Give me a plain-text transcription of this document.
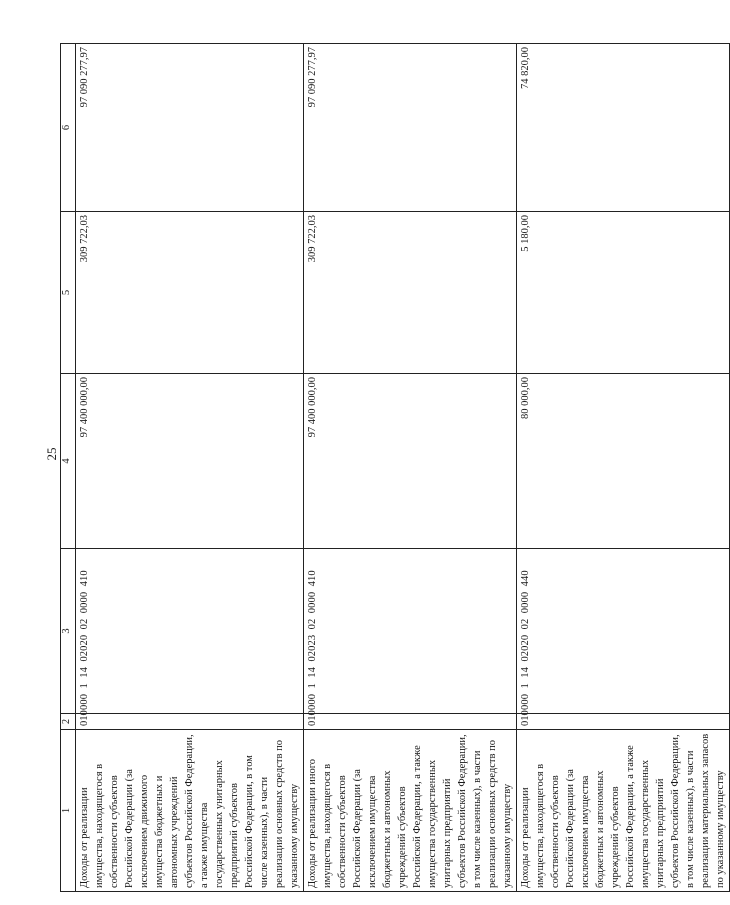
25
1	2	3	4	5	6
Доходы от реализации имущества, находящегося в собственности субъектов Российской Федерации (за исключением движимого имущества бюджетных и автономных учреждений субъектов Российской Федерации, а также имущества государственных унитарных предприятий субъектов Российской Федерации, в том числе казенных), в части реализации основных средств по указанному имуществу	010	000  1  14  02020  02  0000  410	97 400 000,00	309 722,03	97 090 277,97
Доходы от реализации иного имущества, находящегося в собственности субъектов Российской Федерации (за исключением имущества бюджетных и автономных учреждений субъектов Российской Федерации, а также имущества государственных унитарных предприятий субъектов Российской Федерации, в том числе казенных), в части реализации основных средств по указанному имуществу	010	000  1  14  02023  02  0000  410	97 400 000,00	309 722,03	97 090 277,97
Доходы от реализации имущества, находящегося в собственности субъектов Российской Федерации (за исключением имущества бюджетных и автономных учреждений субъектов Российской Федерации, а также имущества государственных унитарных предприятий субъектов Российской Федерации, в том числе казенных), в части реализации материальных запасов по указанному имуществу	010	000  1  14  02020  02  0000  440	80 000,00	5 180,00	74 820,00
